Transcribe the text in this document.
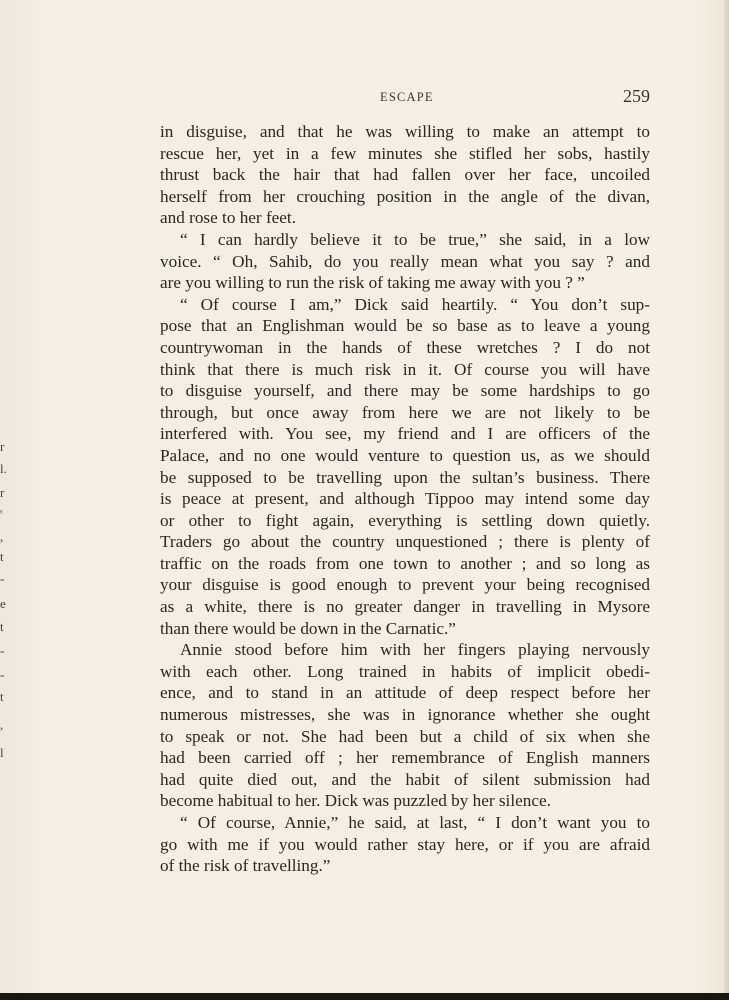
r
l.
r
'
,
t
-
e
t
-
-
t
,
l
ESCAPE	259
in disguise, and that he was willing to make an attempt to
rescue her, yet in a few minutes she stifled her sobs, hastily
thrust back the hair that had fallen over her face, uncoiled
herself from her crouching position in the angle of the divan,
and rose to her feet.
“ I can hardly believe it to be true,” she said, in a low
voice. “ Oh, Sahib, do you really mean what you say ? and
are you willing to run the risk of taking me away with you ? ”
“ Of course I am,” Dick said heartily. “ You don’t sup-
pose that an Englishman would be so base as to leave a young
countrywoman in the hands of these wretches ? I do not
think that there is much risk in it. Of course you will have
to disguise yourself, and there may be some hardships to go
through, but once away from here we are not likely to be
interfered with. You see, my friend and I are officers of the
Palace, and no one would venture to question us, as we should
be supposed to be travelling upon the sultan’s business. There
is peace at present, and although Tippoo may intend some day
or other to fight again, everything is settling down quietly.
Traders go about the country unquestioned ; there is plenty of
traffic on the roads from one town to another ; and so long as
your disguise is good enough to prevent your being recognised
as a white, there is no greater danger in travelling in Mysore
than there would be down in the Carnatic.”
Annie stood before him with her fingers playing nervously
with each other. Long trained in habits of implicit obedi-
ence, and to stand in an attitude of deep respect before her
numerous mistresses, she was in ignorance whether she ought
to speak or not. She had been but a child of six when she
had been carried off ; her remembrance of English manners
had quite died out, and the habit of silent submission had
become habitual to her. Dick was puzzled by her silence.
“ Of course, Annie,” he said, at last, “ I don’t want you to
go with me if you would rather stay here, or if you are afraid
of the risk of travelling.”
